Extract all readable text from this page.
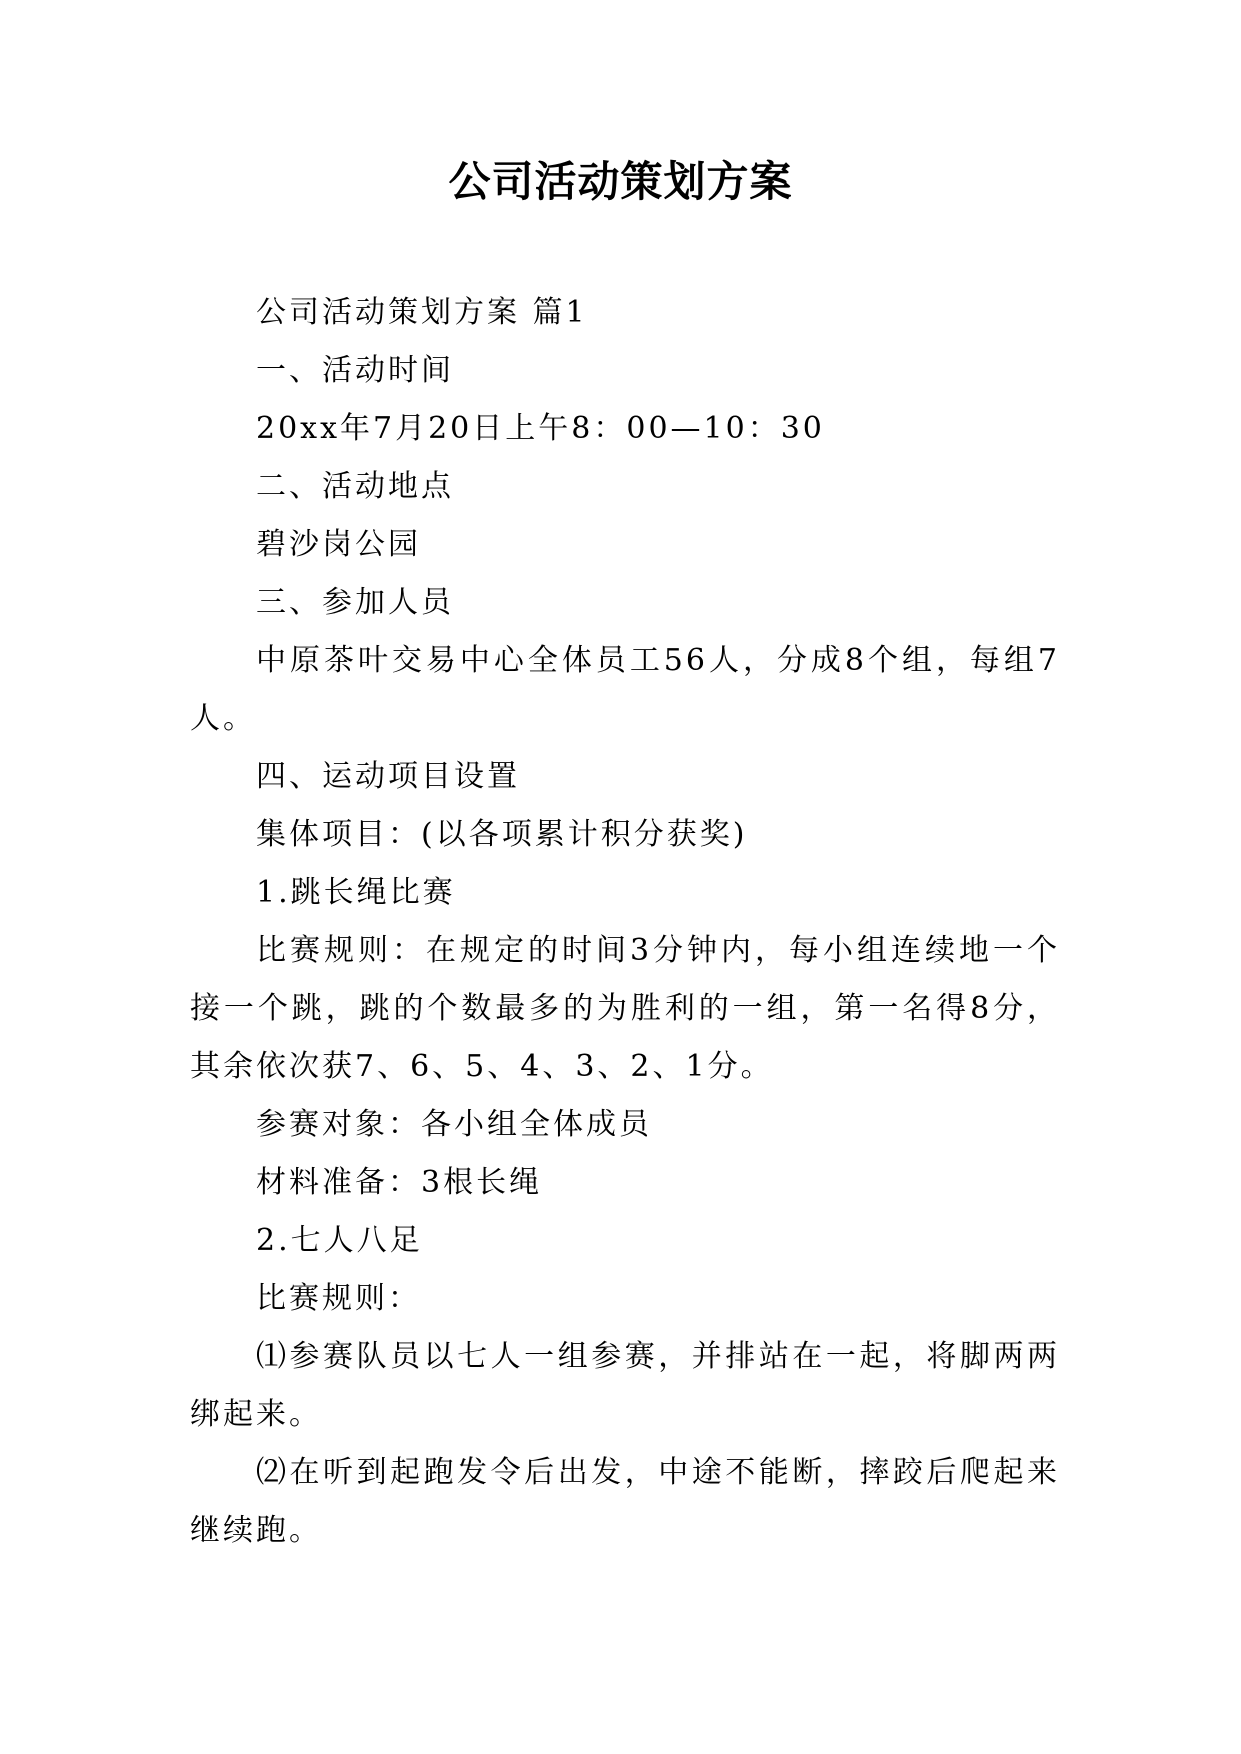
公司活动策划方案

公司活动策划方案 篇1

一、活动时间

20xx年7月20日上午8：00—10：30

二、活动地点

碧沙岗公园

三、参加人员

中原茶叶交易中心全体员工56人，分成8个组，每组7人。

四、运动项目设置

集体项目：(以各项累计积分获奖)

1.跳长绳比赛

比赛规则：在规定的时间3分钟内，每小组连续地一个接一个跳，跳的个数最多的为胜利的一组，第一名得8分，其余依次获7、6、5、4、3、2、1分。

参赛对象：各小组全体成员

材料准备：3根长绳

2.七人八足

比赛规则：

⑴参赛队员以七人一组参赛，并排站在一起，将脚两两绑起来。

⑵在听到起跑发令后出发，中途不能断，摔跤后爬起来继续跑。
